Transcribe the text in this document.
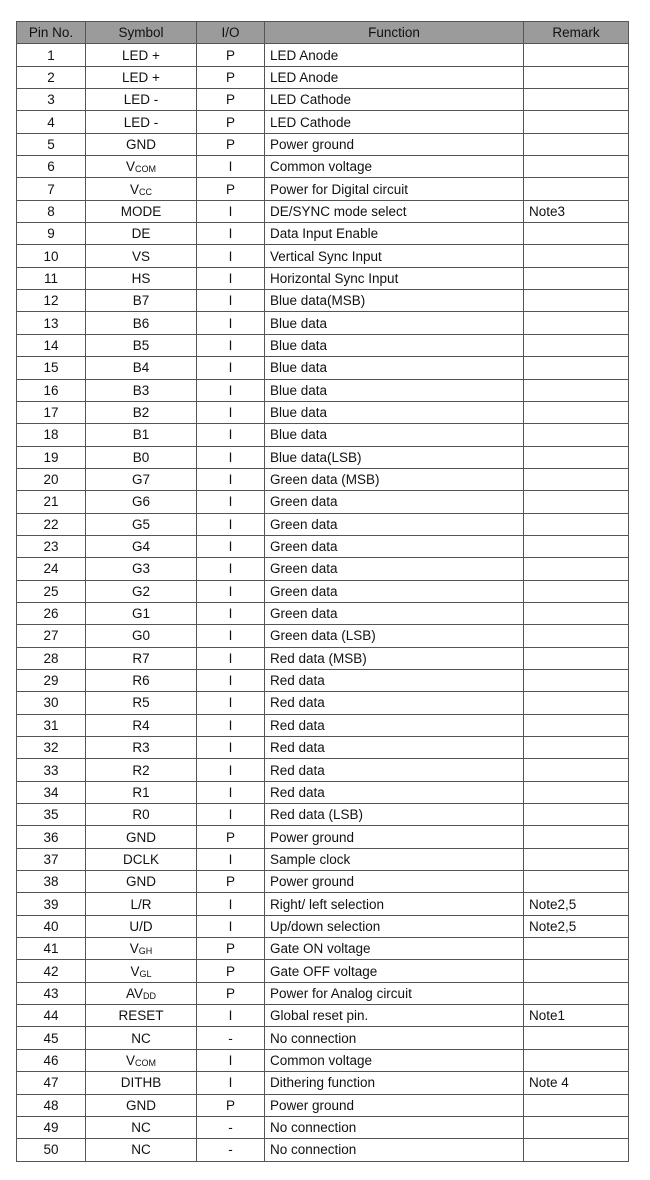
Pin No.	Symbol	I/O	Function	Remark
1	LED +	P	LED Anode	
2	LED +	P	LED Anode	
3	LED -	P	LED Cathode	
4	LED -	P	LED Cathode	
5	GND	P	Power ground	
6	$V_{COM}$	I	Common voltage	
7	$V_{CC}$	P	Power for Digital circuit	
8	MODE	I	DE/SYNC mode select	Note3
9	DE	I	Data Input Enable	
10	VS	I	Vertical Sync Input	
11	HS	I	Horizontal Sync Input	
12	B7	I	Blue data(MSB)	
13	B6	I	Blue data	
14	B5	I	Blue data	
15	B4	I	Blue data	
16	B3	I	Blue data	
17	B2	I	Blue data	
18	B1	I	Blue data	
19	B0	I	Blue data(LSB)	
20	G7	I	Green data (MSB)	
21	G6	I	Green data	
22	G5	I	Green data	
23	G4	I	Green data	
24	G3	I	Green data	
25	G2	I	Green data	
26	G1	I	Green data	
27	G0	I	Green data (LSB)	
28	R7	I	Red data (MSB)	
29	R6	I	Red data	
30	R5	I	Red data	
31	R4	I	Red data	
32	R3	I	Red data	
33	R2	I	Red data	
34	R1	I	Red data	
35	R0	I	Red data (LSB)	
36	GND	P	Power ground	
37	DCLK	I	Sample clock	
38	GND	P	Power ground	
39	L/R	I	Right/ left selection	Note2,5
40	U/D	I	Up/down selection	Note2,5
41	$V_{GH}$	P	Gate ON voltage	
42	$V_{GL}$	P	Gate OFF voltage	
43	$AV_{DD}$	P	Power for Analog circuit	
44	RESET	I	Global reset pin.	Note1
45	NC	-	No connection	
46	$V_{COM}$	I	Common voltage	
47	DITHB	I	Dithering function	Note 4
48	GND	P	Power ground	
49	NC	-	No connection	
50	NC	-	No connection	
